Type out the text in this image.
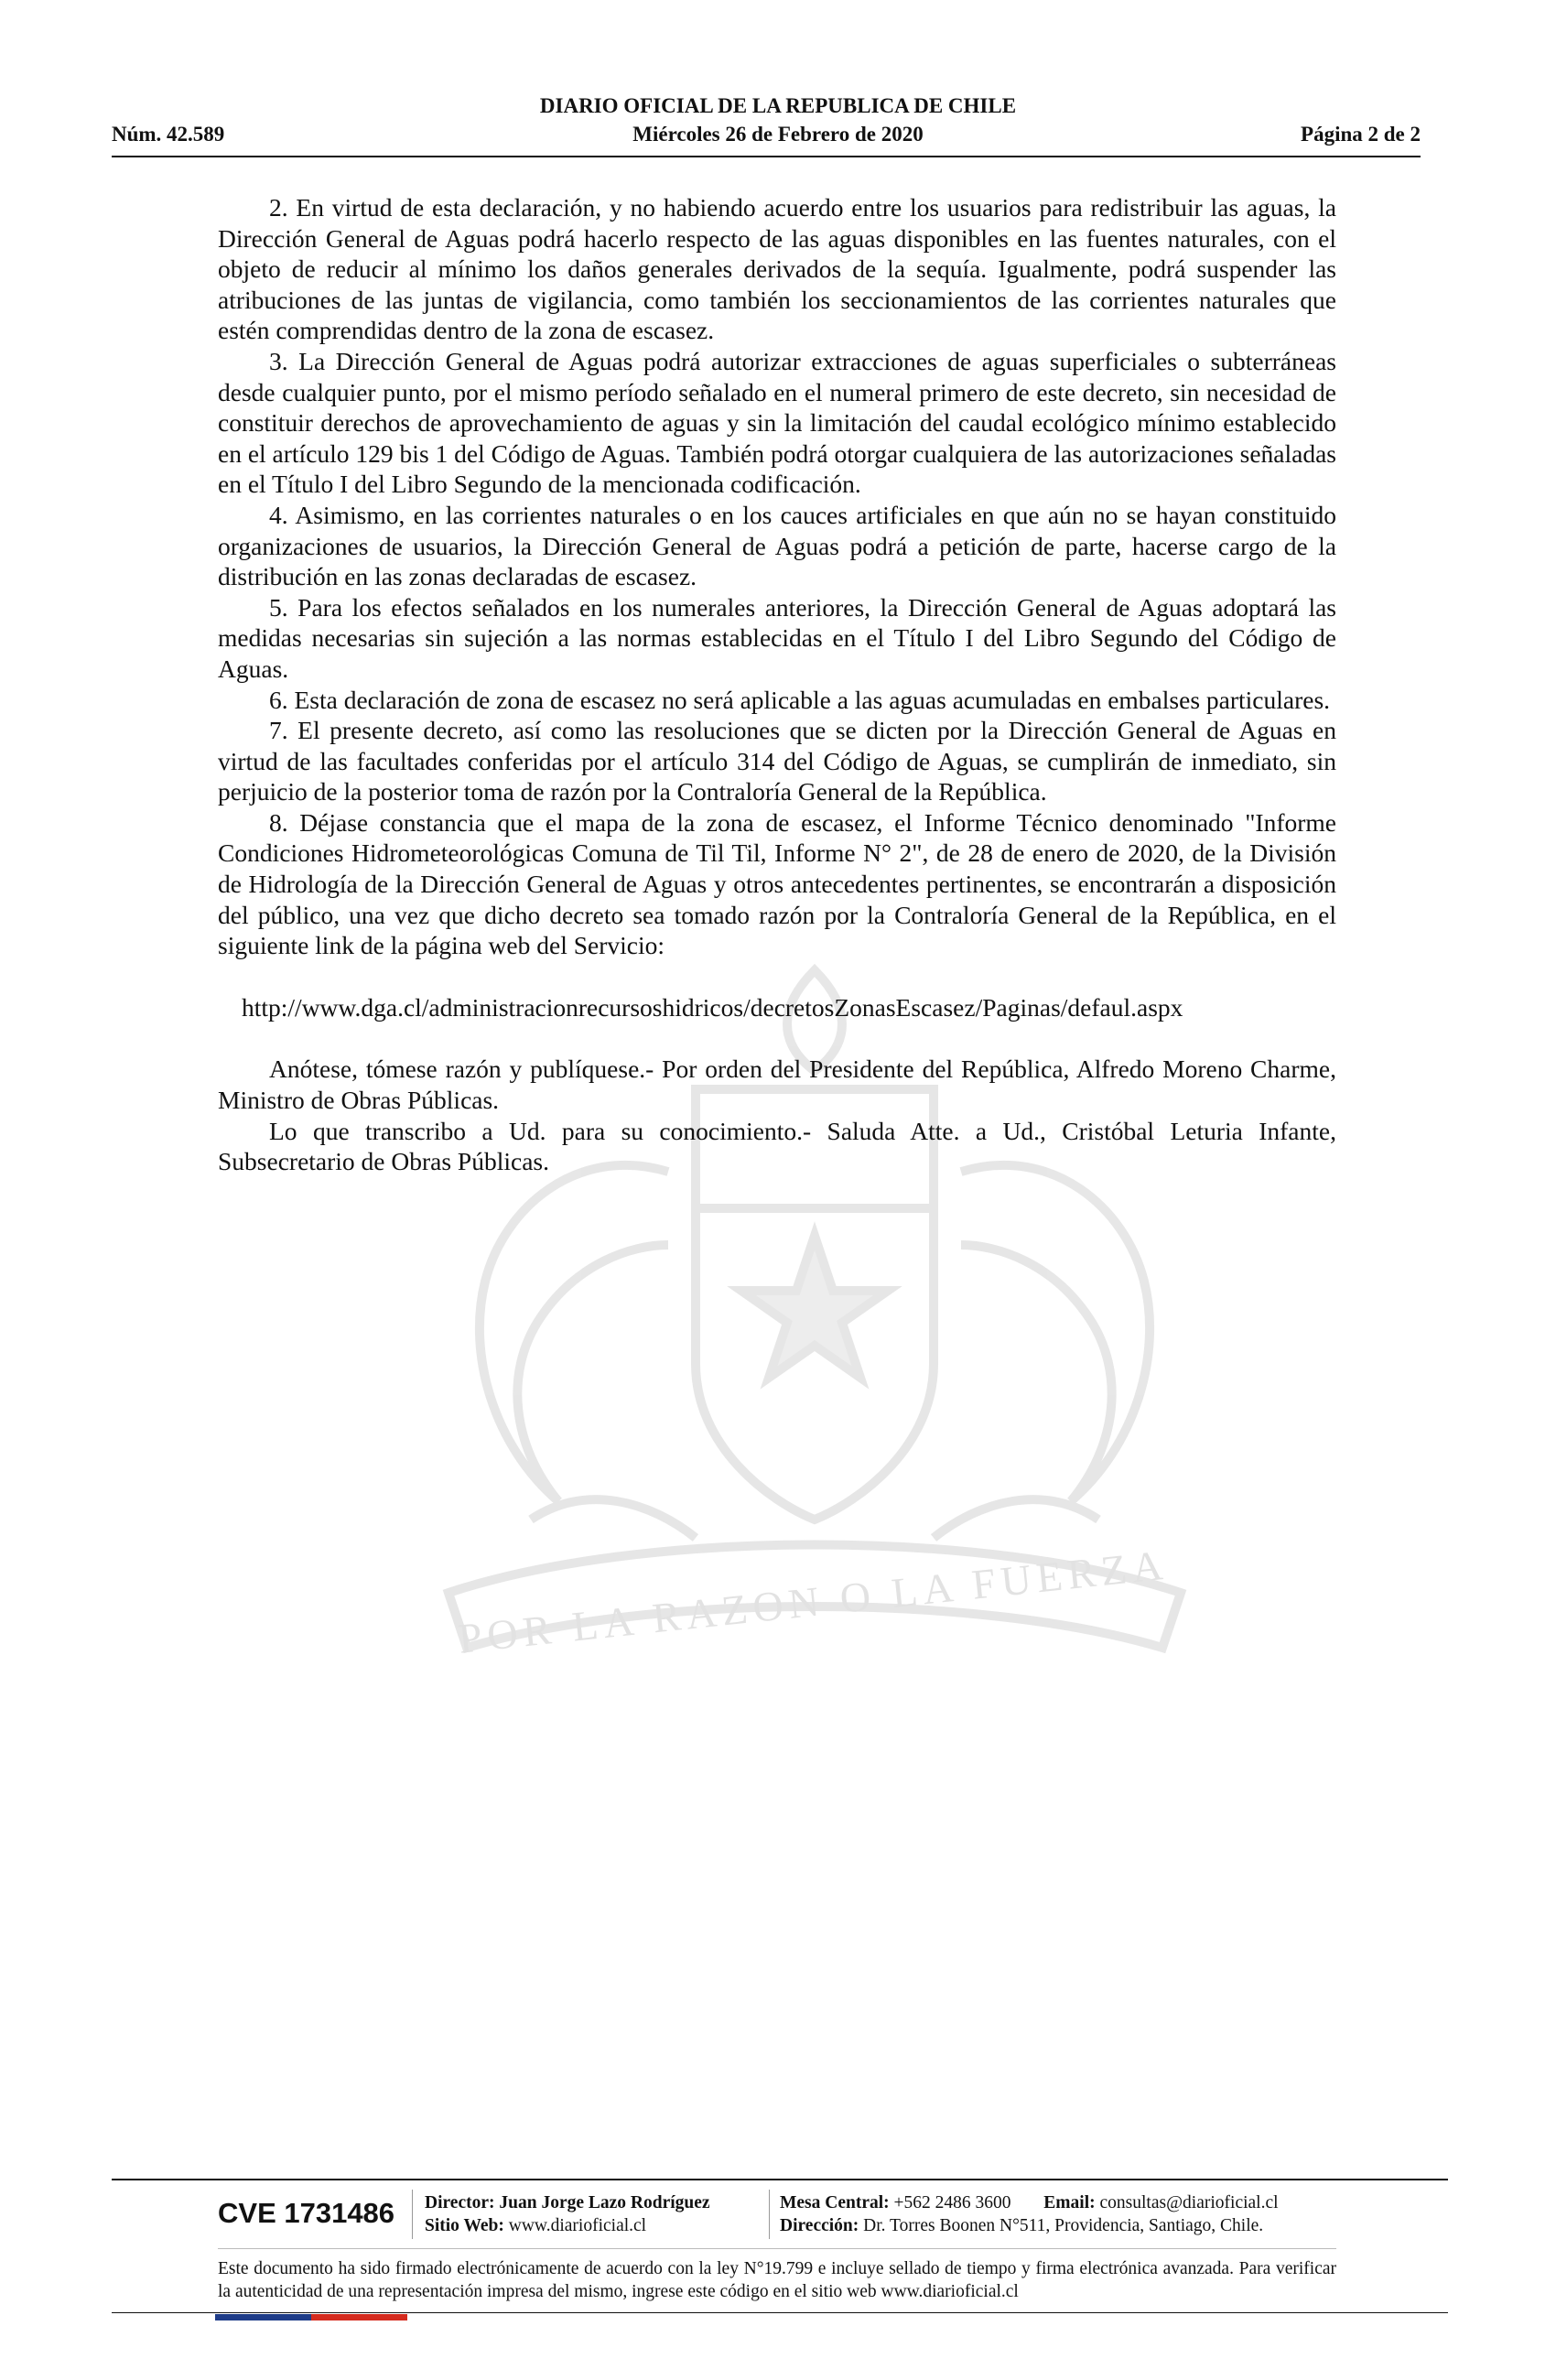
POR LA RAZON O LA FUERZA
DIARIO OFICIAL DE LA REPUBLICA DE CHILE
Núm. 42.589	Miércoles 26 de Febrero de 2020	Página 2 de 2

2. En virtud de esta declaración, y no habiendo acuerdo entre los usuarios para redistribuir las aguas, la Dirección General de Aguas podrá hacerlo respecto de las aguas disponibles en las fuentes naturales, con el objeto de reducir al mínimo los daños generales derivados de la sequía. Igualmente, podrá suspender las atribuciones de las juntas de vigilancia, como también los seccionamientos de las corrientes naturales que estén comprendidas dentro de la zona de escasez.

3. La Dirección General de Aguas podrá autorizar extracciones de aguas superficiales o subterráneas desde cualquier punto, por el mismo período señalado en el numeral primero de este decreto, sin necesidad de constituir derechos de aprovechamiento de aguas y sin la limitación del caudal ecológico mínimo establecido en el artículo 129 bis 1 del Código de Aguas. También podrá otorgar cualquiera de las autorizaciones señaladas en el Título I del Libro Segundo de la mencionada codificación.

4. Asimismo, en las corrientes naturales o en los cauces artificiales en que aún no se hayan constituido organizaciones de usuarios, la Dirección General de Aguas podrá a petición de parte, hacerse cargo de la distribución en las zonas declaradas de escasez.

5. Para los efectos señalados en los numerales anteriores, la Dirección General de Aguas adoptará las medidas necesarias sin sujeción a las normas establecidas en el Título I del Libro Segundo del Código de Aguas.

6. Esta declaración de zona de escasez no será aplicable a las aguas acumuladas en embalses particulares.

7. El presente decreto, así como las resoluciones que se dicten por la Dirección General de Aguas en virtud de las facultades conferidas por el artículo 314 del Código de Aguas, se cumplirán de inmediato, sin perjuicio de la posterior toma de razón por la Contraloría General de la República.

8. Déjase constancia que el mapa de la zona de escasez, el Informe Técnico denominado "Informe Condiciones Hidrometeorológicas Comuna de Til Til, Informe N° 2", de 28 de enero de 2020, de la División de Hidrología de la Dirección General de Aguas y otros antecedentes pertinentes, se encontrarán a disposición del público, una vez que dicho decreto sea tomado razón por la Contraloría General de la República, en el siguiente link de la página web del Servicio:

http://www.dga.cl/administracionrecursoshidricos/decretosZonasEscasez/Paginas/defaul.aspx

Anótese, tómese razón y publíquese.- Por orden del Presidente del República, Alfredo Moreno Charme, Ministro de Obras Públicas.

Lo que transcribo a Ud. para su conocimiento.- Saluda Atte. a Ud., Cristóbal Leturia Infante, Subsecretario de Obras Públicas.

CVE 1731486	Director: Juan Jorge Lazo Rodríguez
Sitio Web: www.diarioficial.cl
Mesa Central: +562 2486 3600 Email: consultas@diarioficial.cl
Dirección: Dr. Torres Boonen N°511, Providencia, Santiago, Chile.
Este documento ha sido firmado electrónicamente de acuerdo con la ley N°19.799 e incluye sellado de tiempo y firma electrónica avanzada. Para verificar la autenticidad de una representación impresa del mismo, ingrese este código en el sitio web www.diarioficial.cl
